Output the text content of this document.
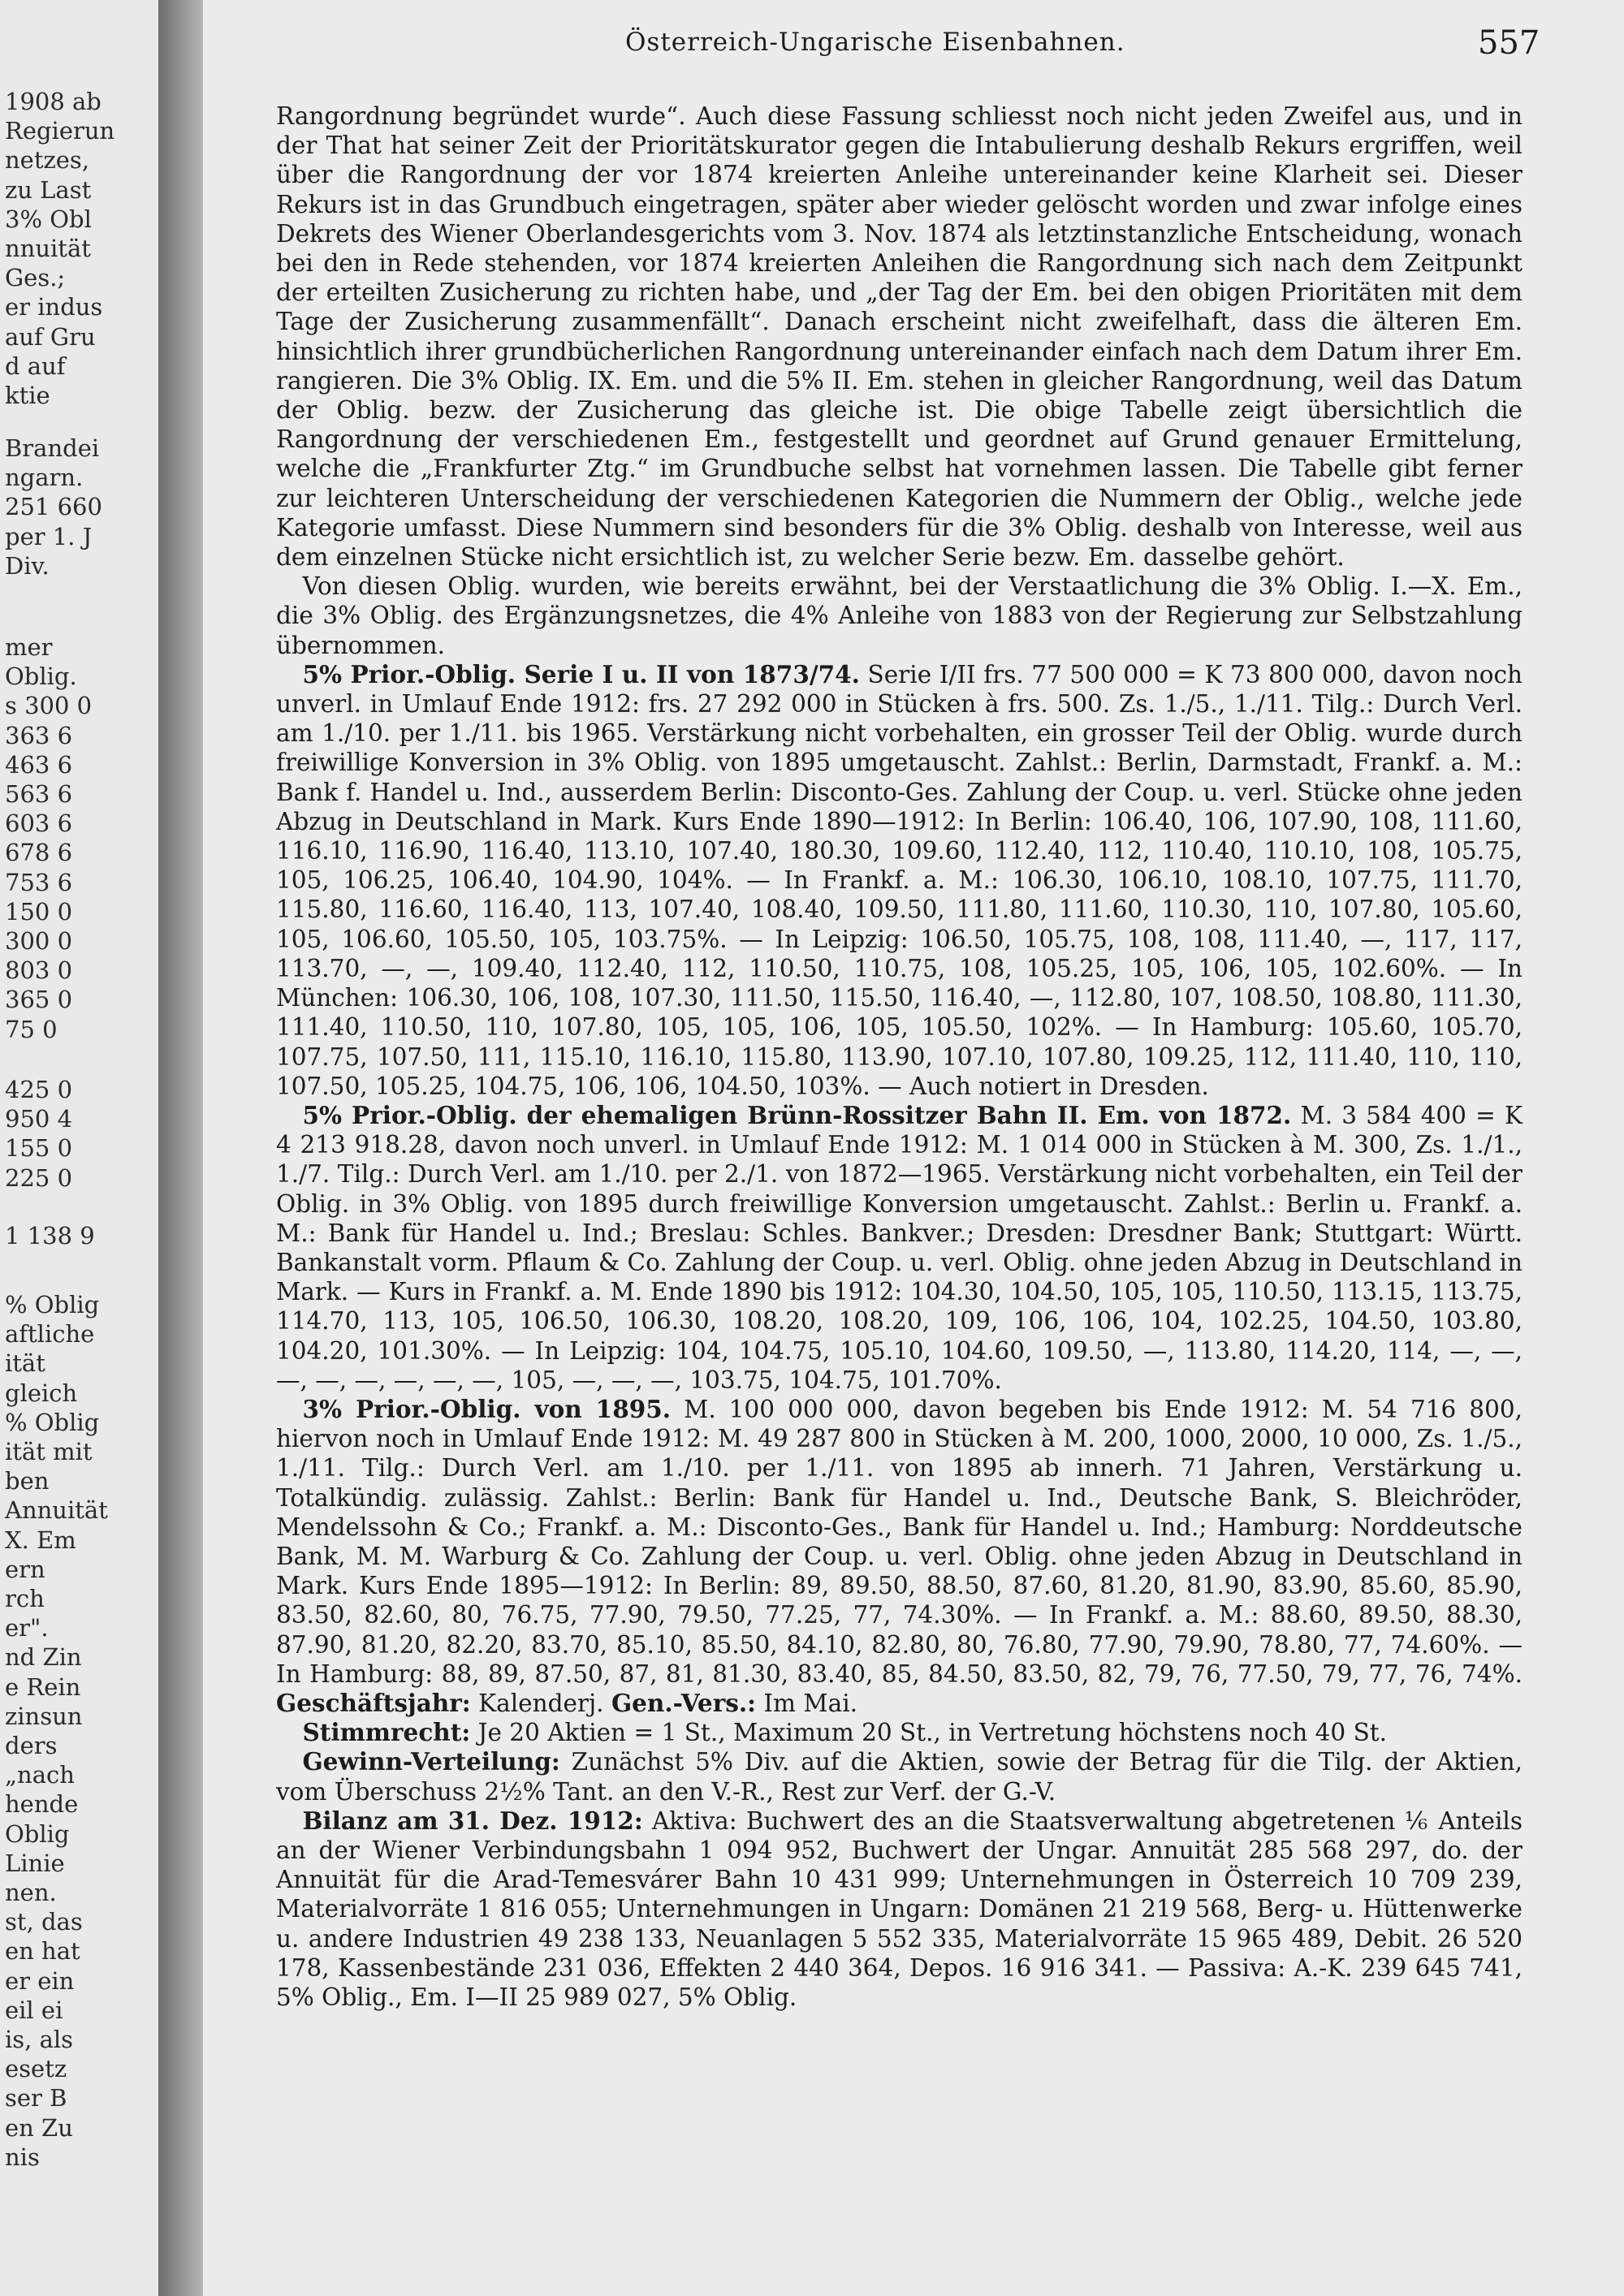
1908 ab
Regierun
netzes,
zu Last
3% Obl
nnuität
Ges.;
er indus
auf Gru
d auf
ktie
Brandei
ngarn.
251 660
per 1. J
Div.
mer
Oblig.
s 300 0
363 6
463 6
563 6
603 6
678 6
753 6
150 0
300 0
803 0
365 0
75 0
425 0
950 4
155 0
225 0
1 138 9
% Oblig
aftliche
ität
gleich
% Oblig
ität mit
ben
Annuität
X. Em
ern
rch
er".
nd Zin
e Rein
zinsun
ders
„nach
hende
Oblig
Linie
nen.
st, das
en hat
er ein
eil ei
is, als
esetz
ser B
en Zu
nis
Österreich-Ungarische Eisenbahnen.	557

Rangordnung begründet wurde“. Auch diese Fassung schliesst noch nicht jeden Zweifel aus, und in der That hat seiner Zeit der Prioritätskurator gegen die Intabulierung deshalb Rekurs ergriffen, weil über die Rangordnung der vor 1874 kreierten Anleihe untereinander keine Klarheit sei. Dieser Rekurs ist in das Grundbuch eingetragen, später aber wieder gelöscht worden und zwar infolge eines Dekrets des Wiener Oberlandesgerichts vom 3. Nov. 1874 als letztinstanzliche Entscheidung, wonach bei den in Rede stehenden, vor 1874 kreierten Anleihen die Rangordnung sich nach dem Zeitpunkt der erteilten Zusicherung zu richten habe, und „der Tag der Em. bei den obigen Prioritäten mit dem Tage der Zusicherung zusammenfällt“. Danach erscheint nicht zweifelhaft, dass die älteren Em. hinsichtlich ihrer grundbücherlichen Rangordnung untereinander einfach nach dem Datum ihrer Em. rangieren. Die 3% Oblig. IX. Em. und die 5% II. Em. stehen in gleicher Rangordnung, weil das Datum der Oblig. bezw. der Zusicherung das gleiche ist. Die obige Tabelle zeigt übersichtlich die Rangordnung der verschiedenen Em., festgestellt und geordnet auf Grund genauer Ermittelung, welche die „Frankfurter Ztg.“ im Grundbuche selbst hat vornehmen lassen. Die Tabelle gibt ferner zur leichteren Unterscheidung der verschiedenen Kategorien die Nummern der Oblig., welche jede Kategorie umfasst. Diese Nummern sind besonders für die 3% Oblig. deshalb von Interesse, weil aus dem einzelnen Stücke nicht ersichtlich ist, zu welcher Serie bezw. Em. dasselbe gehört.

Von diesen Oblig. wurden, wie bereits erwähnt, bei der Verstaatlichung die 3% Oblig. I.—X. Em., die 3% Oblig. des Ergänzungsnetzes, die 4% Anleihe von 1883 von der Regierung zur Selbstzahlung übernommen.

5% Prior.-Oblig. Serie I u. II von 1873/74. Serie I/II frs. 77 500 000 = K 73 800 000, davon noch unverl. in Umlauf Ende 1912: frs. 27 292 000 in Stücken à frs. 500. Zs. 1./5., 1./11. Tilg.: Durch Verl. am 1./10. per 1./11. bis 1965. Verstärkung nicht vorbehalten, ein grosser Teil der Oblig. wurde durch freiwillige Konversion in 3% Oblig. von 1895 umgetauscht. Zahlst.: Berlin, Darmstadt, Frankf. a. M.: Bank f. Handel u. Ind., ausserdem Berlin: Disconto-Ges. Zahlung der Coup. u. verl. Stücke ohne jeden Abzug in Deutschland in Mark. Kurs Ende 1890—1912: In Berlin: 106.40, 106, 107.90, 108, 111.60, 116.10, 116.90, 116.40, 113.10, 107.40, 180.30, 109.60, 112.40, 112, 110.40, 110.10, 108, 105.75, 105, 106.25, 106.40, 104.90, 104%. — In Frankf. a. M.: 106.30, 106.10, 108.10, 107.75, 111.70, 115.80, 116.60, 116.40, 113, 107.40, 108.40, 109.50, 111.80, 111.60, 110.30, 110, 107.80, 105.60, 105, 106.60, 105.50, 105, 103.75%. — In Leipzig: 106.50, 105.75, 108, 108, 111.40, —, 117, 117, 113.70, —, —, 109.40, 112.40, 112, 110.50, 110.75, 108, 105.25, 105, 106, 105, 102.60%. — In München: 106.30, 106, 108, 107.30, 111.50, 115.50, 116.40, —, 112.80, 107, 108.50, 108.80, 111.30, 111.40, 110.50, 110, 107.80, 105, 105, 106, 105, 105.50, 102%. — In Hamburg: 105.60, 105.70, 107.75, 107.50, 111, 115.10, 116.10, 115.80, 113.90, 107.10, 107.80, 109.25, 112, 111.40, 110, 110, 107.50, 105.25, 104.75, 106, 106, 104.50, 103%. — Auch notiert in Dresden.

5% Prior.-Oblig. der ehemaligen Brünn-Rossitzer Bahn II. Em. von 1872. M. 3 584 400 = K 4 213 918.28, davon noch unverl. in Umlauf Ende 1912: M. 1 014 000 in Stücken à M. 300, Zs. 1./1., 1./7. Tilg.: Durch Verl. am 1./10. per 2./1. von 1872—1965. Verstärkung nicht vorbehalten, ein Teil der Oblig. in 3% Oblig. von 1895 durch freiwillige Konversion umgetauscht. Zahlst.: Berlin u. Frankf. a. M.: Bank für Handel u. Ind.; Breslau: Schles. Bankver.; Dresden: Dresdner Bank; Stuttgart: Württ. Bankanstalt vorm. Pflaum & Co. Zahlung der Coup. u. verl. Oblig. ohne jeden Abzug in Deutschland in Mark. — Kurs in Frankf. a. M. Ende 1890 bis 1912: 104.30, 104.50, 105, 105, 110.50, 113.15, 113.75, 114.70, 113, 105, 106.50, 106.30, 108.20, 108.20, 109, 106, 106, 104, 102.25, 104.50, 103.80, 104.20, 101.30%. — In Leipzig: 104, 104.75, 105.10, 104.60, 109.50, —, 113.80, 114.20, 114, —, —, —, —, —, —, —, —, 105, —, —, —, 103.75, 104.75, 101.70%.

3% Prior.-Oblig. von 1895. M. 100 000 000, davon begeben bis Ende 1912: M. 54 716 800, hiervon noch in Umlauf Ende 1912: M. 49 287 800 in Stücken à M. 200, 1000, 2000, 10 000, Zs. 1./5., 1./11. Tilg.: Durch Verl. am 1./10. per 1./11. von 1895 ab innerh. 71 Jahren, Verstärkung u. Totalkündig. zulässig. Zahlst.: Berlin: Bank für Handel u. Ind., Deutsche Bank, S. Bleichröder, Mendelssohn & Co.; Frankf. a. M.: Disconto-Ges., Bank für Handel u. Ind.; Hamburg: Norddeutsche Bank, M. M. Warburg & Co. Zahlung der Coup. u. verl. Oblig. ohne jeden Abzug in Deutschland in Mark. Kurs Ende 1895—1912: In Berlin: 89, 89.50, 88.50, 87.60, 81.20, 81.90, 83.90, 85.60, 85.90, 83.50, 82.60, 80, 76.75, 77.90, 79.50, 77.25, 77, 74.30%. — In Frankf. a. M.: 88.60, 89.50, 88.30, 87.90, 81.20, 82.20, 83.70, 85.10, 85.50, 84.10, 82.80, 80, 76.80, 77.90, 79.90, 78.80, 77, 74.60%. — In Hamburg: 88, 89, 87.50, 87, 81, 81.30, 83.40, 85, 84.50, 83.50, 82, 79, 76, 77.50, 79, 77, 76, 74%. Geschäftsjahr: Kalenderj. Gen.-Vers.: Im Mai.

Stimmrecht: Je 20 Aktien = 1 St., Maximum 20 St., in Vertretung höchstens noch 40 St.

Gewinn-Verteilung: Zunächst 5% Div. auf die Aktien, sowie der Betrag für die Tilg. der Aktien, vom Überschuss 2½% Tant. an den V.-R., Rest zur Verf. der G.-V.

Bilanz am 31. Dez. 1912: Aktiva: Buchwert des an die Staatsverwaltung abgetretenen ⅙ Anteils an der Wiener Verbindungsbahn 1 094 952, Buchwert der Ungar. Annuität 285 568 297, do. der Annuität für die Arad-Temesvárer Bahn 10 431 999; Unternehmungen in Österreich 10 709 239, Materialvorräte 1 816 055; Unternehmungen in Ungarn: Domänen 21 219 568, Berg- u. Hüttenwerke u. andere Industrien 49 238 133, Neuanlagen 5 552 335, Materialvorräte 15 965 489, Debit. 26 520 178, Kassenbestände 231 036, Effekten 2 440 364, Depos. 16 916 341. — Passiva: A.-K. 239 645 741, 5% Oblig., Em. I—II 25 989 027, 5% Oblig.
